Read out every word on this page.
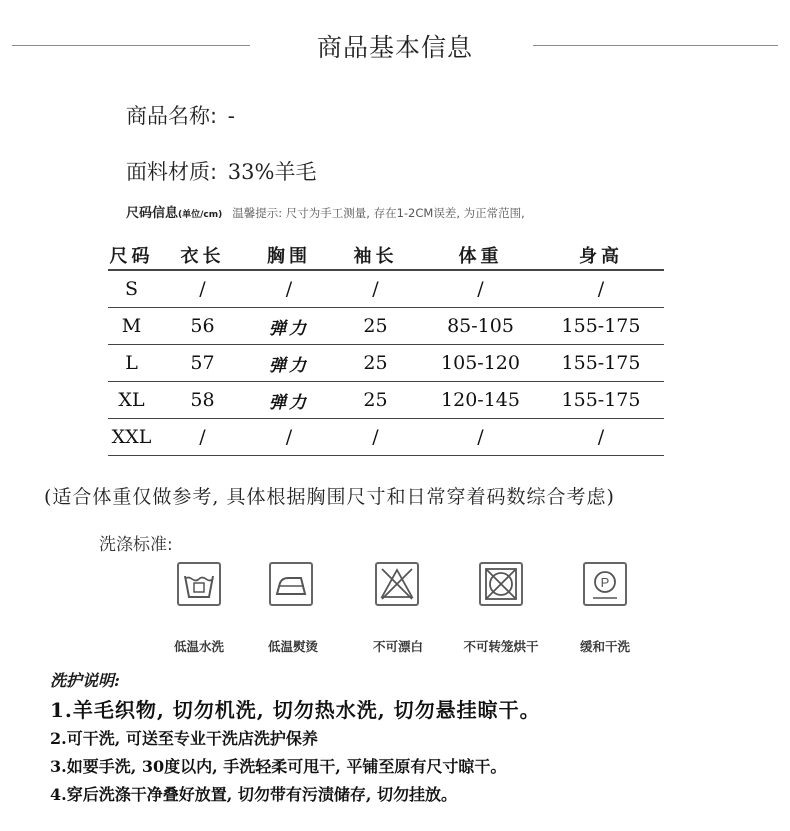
商品基本信息
商品名称: -
面料材质: 33%羊毛
尺码信息(单位/cm) 温馨提示: 尺寸为手工测量, 存在1-2CM误差, 为正常范围,
尺码	衣长	胸围	袖长	体重	身高
S	/	/	/	/	/
M	56	弹力	25	85-105	155-175
L	57	弹力	25	105-120	155-175
XL	58	弹力	25	120-145	155-175
XXL	/	/	/	/	/
(适合体重仅做参考, 具体根据胸围尺寸和日常穿着码数综合考虑)
洗涤标准:
P
低温水洗	低温熨烫	不可漂白	不可转笼烘干	缓和干洗
洗护说明:
1.羊毛织物, 切勿机洗, 切勿热水洗, 切勿悬挂晾干。
2.可干洗, 可送至专业干洗店洗护保养
3.如要手洗, 30度以内, 手洗轻柔可甩干, 平铺至原有尺寸晾干。
4.穿后洗涤干净叠好放置, 切勿带有污渍储存, 切勿挂放。
